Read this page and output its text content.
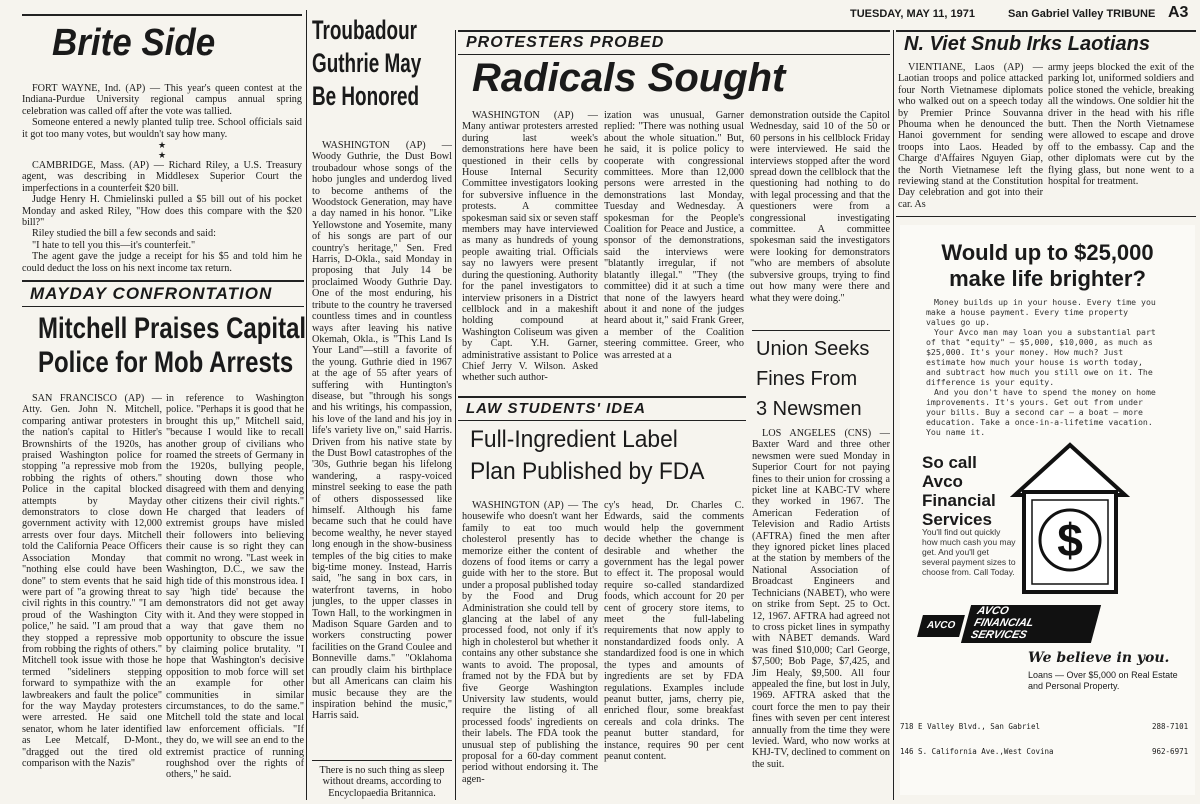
TUESDAY, MAY 11, 1971	San Gabriel Valley TRIBUNE A3
Brite Side

FORT WAYNE, Ind. (AP) — This year's queen contest at the Indiana-Purdue University regional campus annual spring celebration was called off after the vote was tallied.

Someone entered a newly planted tulip tree. School officials said it got too many votes, but wouldn't say how many.

★
★

CAMBRIDGE, Mass. (AP) — Richard Riley, a U.S. Treasury agent, was describing in Middlesex Superior Court the imperfections in a counterfeit $20 bill.

Judge Henry H. Chmielinski pulled a $5 bill out of his pocket Monday and asked Riley, "How does this compare with the $20 bill?"

Riley studied the bill a few seconds and said:

"I hate to tell you this—it's counterfeit."

The agent gave the judge a receipt for his $5 and told him he could deduct the loss on his next income tax return.

MAYDAY CONFRONTATION
Mitchell Praises Capital
Police for Mob Arrests

SAN FRANCISCO (AP) — Atty. Gen. John N. Mitchell, comparing antiwar protesters in the nation's capital to Hitler's Brownshirts of the 1920s, has praised Washington police for stopping "a repressive mob from robbing the rights of others." Police in the capital blocked attempts by Mayday demonstrators to close down government activity with 12,000 arrests over four days. Mitchell told the California Peace Officers Association Monday that "nothing else could have been done" to stem events that he said were part of "a growing threat to civil rights in this country." "I am proud of the Washington City police," he said. "I am proud that they stopped a repressive mob from robbing the rights of others." Mitchell took issue with those he termed "sideliners stepping forward to sympathize with the lawbreakers and fault the police" for the way Mayday protesters were arrested. He said one senator, whom he later identified as Lee Metcalf, D-Mont., "dragged out the tired old comparison with the Nazis"

in reference to Washington police. "Perhaps it is good that he brought this up," Mitchell said, "because I would like to recall another group of civilians who roamed the streets of Germany in the 1920s, bullying people, shouting down those who disagreed with them and denying other citizens their civil rights." He charged that leaders of extremist groups have misled their followers into believing their cause is so right they can commit no wrong. "Last week in Washington, D.C., we saw the high tide of this monstrous idea. I say 'high tide' because the demonstrators did not get away with it. And they were stopped in a way that gave them no opportunity to obscure the issue by claiming police brutality. "I hope that Washington's decisive opposition to mob force will set an example for other communities in similar circumstances, to do the same." Mitchell told the state and local law enforcement officials. "If they do, we will see an end to the extremist practice of running roughshod over the rights of others," he said.

Troubadour
Guthrie May
Be Honored

WASHINGTON (AP) — Woody Guthrie, the Dust Bowl troubadour whose songs of the hobo jungles and underdog lived to become anthems of the Woodstock Generation, may have a day named in his honor. "Like Yellowstone and Yosemite, many of his songs are part of our country's heritage," Sen. Fred Harris, D-Okla., said Monday in proposing that July 14 be proclaimed Woody Guthrie Day. One of the most enduring, his tribute to the country he traversed countless times and in countless ways after leaving his native Okemah, Okla., is "This Land Is Your Land"—still a favorite of the young. Guthrie died in 1967 at the age of 55 after years of suffering with Huntington's disease, but "through his songs and his writings, his compassion, his love of the land and his joy in life's variety live on," said Harris. Driven from his native state by the Dust Bowl catastrophes of the '30s, Guthrie began his lifelong wandering, a raspy-voiced minstrel seeking to ease the path of others dispossessed like himself. Although his fame became such that he could have become wealthy, he never stayed long enough in the show-business temples of the big cities to make big-time money. Instead, Harris said, "he sang in box cars, in waterfront taverns, in hobo jungles, to the upper classes in Town Hall, to the workingmen in Madison Square Garden and to workers constructing power facilities on the Grand Coulee and Bonneville dams." "Oklahoma can proudly claim his birthplace but all Americans can claim his music because they are the inspiration behind the music," Harris said.

There is no such thing as sleep without dreams, according to Encyclopaedia Britannica.

PROTESTERS PROBED
Radicals Sought

WASHINGTON (AP) — Many antiwar protesters arrested during last week's demonstrations here have been questioned in their cells by House Internal Security Committee investigators looking for subversive influence in the protests. A committee spokesman said six or seven staff members may have interviewed as many as hundreds of young people awaiting trial. Officials say no lawyers were present during the questioning. Authority for the panel investigators to interview prisoners in a District cellblock and in a makeshift holding compound at Washington Coliseum was given by Capt. Y.H. Garner, administrative assistant to Police Chief Jerry V. Wilson. Asked whether such author-

ization was unusual, Garner replied: "There was nothing usual about the whole situation." But, he said, it is police policy to cooperate with congressional committees. More than 12,000 persons were arrested in the demonstrations last Monday, Tuesday and Wednesday. A spokesman for the People's Coalition for Peace and Justice, a sponsor of the demonstrations, said the interviews were "blatantly irregular, if not blatantly illegal." "They (the committee) did it at such a time that none of the lawyers heard about it and none of the judges heard about it," said Frank Greer, a member of the Coalition steering committee. Greer, who was arrested at a

demonstration outside the Capitol Wednesday, said 10 of the 50 or 60 persons in his cellblock Friday were interviewed. He said the interviews stopped after the word spread down the cellblock that the questioning had nothing to do with legal processing and that the questioners were from a congressional investigating committee. A committee spokesman said the investigators were looking for demonstrators "who are members of absolute subversive groups, trying to find out how many were there and what they were doing."

Union Seeks
Fines From
3 Newsmen

LOS ANGELES (CNS) — Baxter Ward and three other newsmen were sued Monday in Superior Court for not paying fines to their union for crossing a picket line at KABC-TV where they worked in 1967. The American Federation of Television and Radio Artists (AFTRA) fined the men after they ignored picket lines placed at the station by members of the National Association of Broadcast Engineers and Technicians (NABET), who were on strike from Sept. 25 to Oct. 12, 1967. AFTRA had agreed not to cross picket lines in sympathy with NABET demands. Ward was fined $10,000; Carl George, $7,500; Bob Page, $7,425, and Jim Healy, $9,500. All four appealed the fine, but lost in July, 1969. AFTRA asked that the court force the men to pay their fines with seven per cent interest annually from the time they were levied. Ward, who now works at KHJ-TV, declined to comment on the suit.

LAW STUDENTS' IDEA
Full-Ingredient Label
Plan Published by FDA

WASHINGTON (AP) — The housewife who doesn't want her family to eat too much cholesterol presently has to memorize either the content of dozens of food items or carry a guide with her to the store. But under a proposal published today by the Food and Drug Administration she could tell by glancing at the label of any processed food, not only if it's high in cholesterol but whether it contains any other substance she wants to avoid. The proposal, framed not by the FDA but by five George Washington University law students, would require the listing of all processed foods' ingredients on their labels. The FDA took the unusual step of publishing the proposal for a 60-day comment period without endorsing it. The agen-

cy's head, Dr. Charles C. Edwards, said the comments would help the government decide whether the change is desirable and whether the government has the legal power to effect it. The proposal would require so-called standardized foods, which account for 20 per cent of grocery store items, to meet the full-labeling requirements that now apply to nonstandardized foods only. A standardized food is one in which the types and amounts of ingredients are set by FDA regulations. Examples include peanut butter, jams, cherry pie, enriched flour, some breakfast cereals and cola drinks. The peanut butter standard, for instance, requires 90 per cent peanut content.

N. Viet Snub Irks Laotians

VIENTIANE, Laos (AP) — Laotian troops and police attacked four North Vietnamese diplomats who walked out on a speech today by Premier Prince Souvanna Phouma when he denounced the Hanoi government for sending troops into Laos. Headed by Charge d'Affaires Nguyen Giap, the North Vietnamese left the reviewing stand at the Constitution Day celebration and got into their car. As

army jeeps blocked the exit of the parking lot, uniformed soldiers and police stoned the vehicle, breaking all the windows. One soldier hit the driver in the head with his rifle butt. Then the North Vietnamese were allowed to escape and drove off to the embassy. Cap and the other diplomats were cut by the flying glass, but none went to a hospital for treatment.

Would up to $25,000
make life brighter?

Money builds up in your house. Every time you make a house payment. Every time property values go up.

Your Avco man may loan you a substantial part of that "equity" — $5,000, $10,000, as much as $25,000. It's your money. How much? Just estimate how much your house is worth today, and subtract how much you still owe on it. The difference is your equity.

And you don't have to spend the money on home improvements. It's yours. Get out from under your bills. Buy a second car — a boat — more education. Take a once-in-a-lifetime vacation. You name it.

So call
Avco
Financial
Services
You'll find out quickly how much cash you may get. And you'll get several payment sizes to choose from. Call Today.
$
AVCO
AVCO
FINANCIAL
SERVICES
We believe in you.
Loans — Over $5,000 on Real Estate and Personal Property.
718 E Valley Blvd., San Gabriel	288-7101
146 S. California Ave.,West Covina	962-6971
